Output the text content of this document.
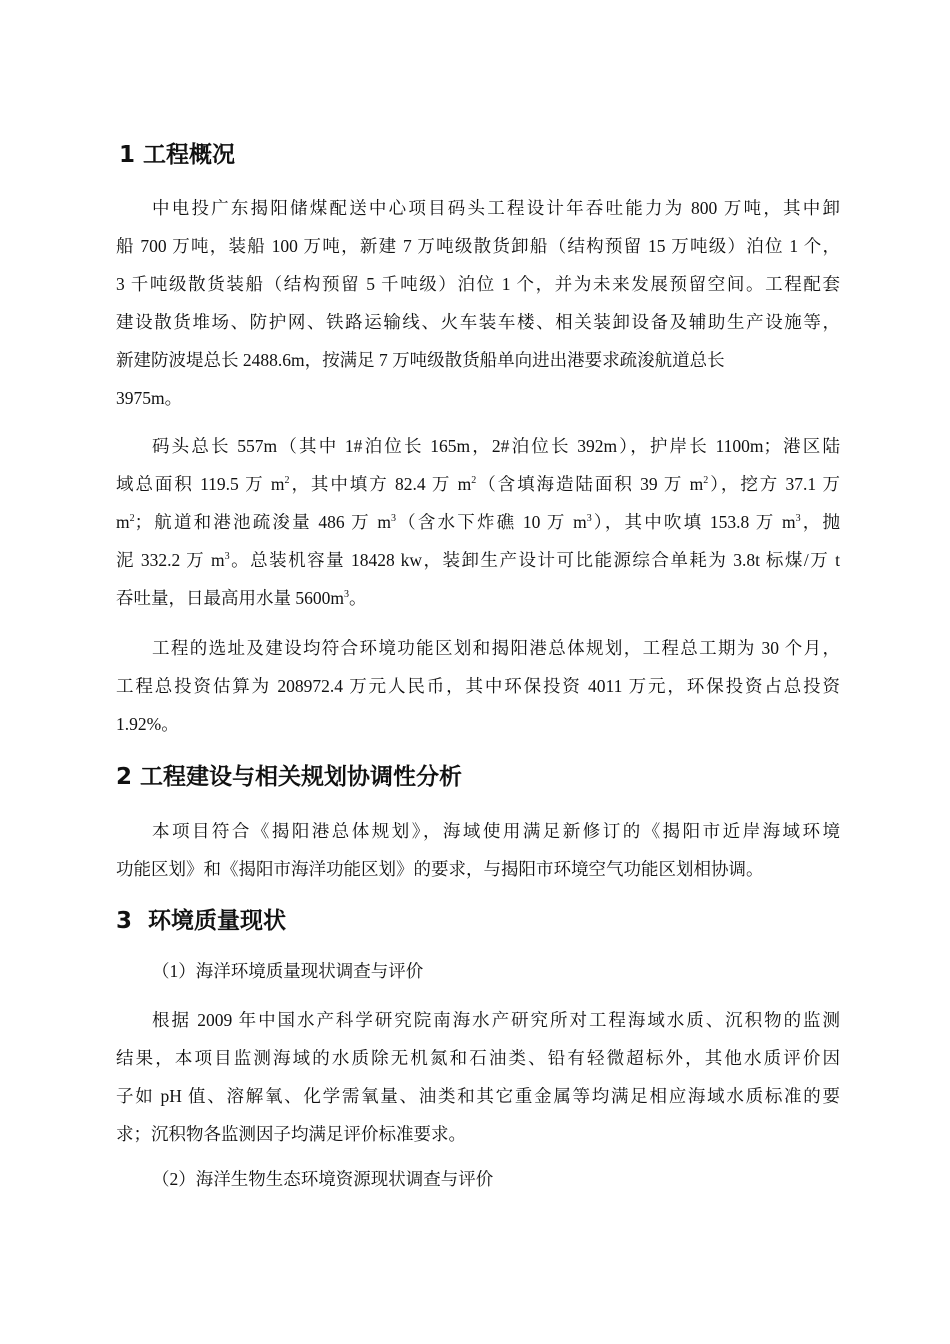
1 工程概况
中电投广东揭阳储煤配送中心项目码头工程设计年吞吐能力为 800 万吨，其中卸
船 700 万吨，装船 100 万吨，新建 7 万吨级散货卸船（结构预留 15 万吨级）泊位 1 个，
3 千吨级散货装船（结构预留 5 千吨级）泊位 1 个，并为未来发展预留空间。工程配套
建设散货堆场、防护网、铁路运输线、火车装车楼、相关装卸设备及辅助生产设施等，
新建防波堤总长 2488.6m，按满足 7 万吨级散货船单向进出港要求疏浚航道总长
3975m。
码头总长 557m（其中 1#泊位长 165m，2#泊位长 392m），护岸长 1100m；港区陆
域总面积 119.5 万 $m^2$，其中填方 82.4 万 $m^2$（含填海造陆面积 39 万 $m^2$），挖方 37.1 万
$m^2$；航道和港池疏浚量 486 万 $m^3$（含水下炸礁 10 万 $m^3$），其中吹填 153.8 万 $m^3$，抛
泥 332.2 万 $m^3$。总装机容量 18428 kw，装卸生产设计可比能源综合单耗为 3.8t 标煤/万 t
吞吐量，日最高用水量 $5600m^3$。
工程的选址及建设均符合环境功能区划和揭阳港总体规划，工程总工期为 30 个月，
工程总投资估算为 208972.4 万元人民币，其中环保投资 4011 万元，环保投资占总投资
1.92%。
2 工程建设与相关规划协调性分析
本项目符合《揭阳港总体规划》，海域使用满足新修订的《揭阳市近岸海域环境
功能区划》和《揭阳市海洋功能区划》的要求，与揭阳市环境空气功能区划相协调。
3  环境质量现状

（1）海洋环境质量现状调查与评价

根据 2009 年中国水产科学研究院南海水产研究所对工程海域水质、沉积物的监测
结果，本项目监测海域的水质除无机氮和石油类、铅有轻微超标外，其他水质评价因
子如 pH 值、溶解氧、化学需氧量、油类和其它重金属等均满足相应海域水质标准的要
求；沉积物各监测因子均满足评价标准要求。

（2）海洋生物生态环境资源现状调查与评价
